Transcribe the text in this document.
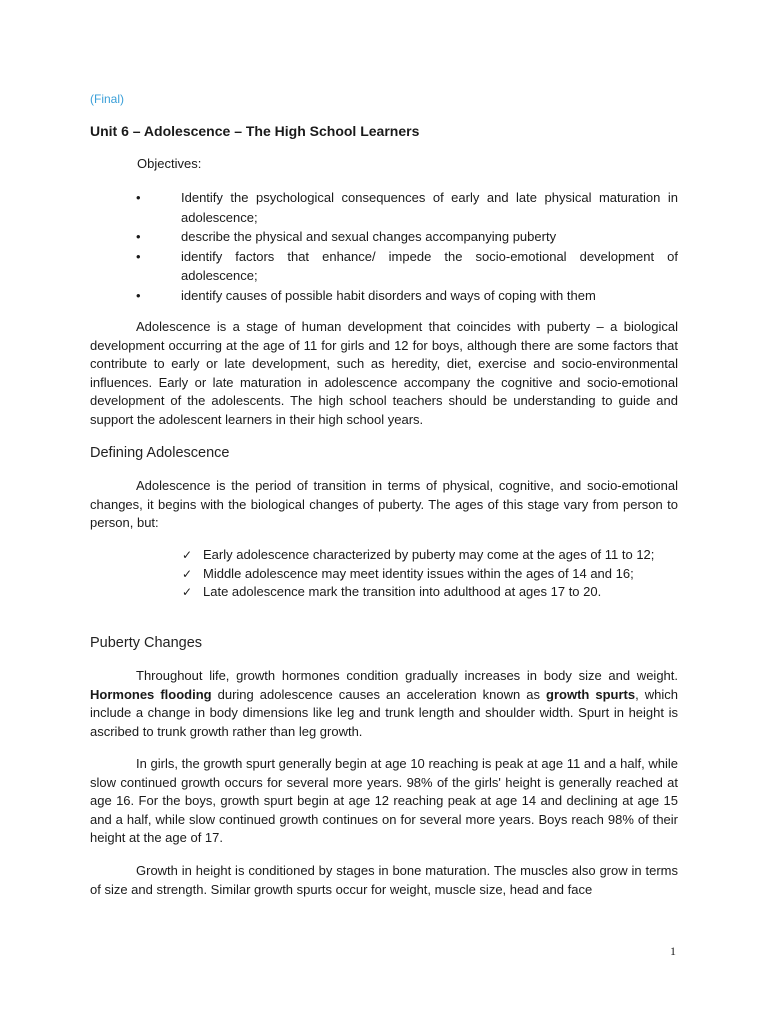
(Final)
Unit 6 – Adolescence – The High School Learners
Objectives:
•	Identify the psychological consequences of early and late physical maturation in adolescence;
•	describe the physical and sexual changes accompanying puberty
•	identify factors that enhance/ impede the socio-emotional development of adolescence;
•	identify causes of possible habit disorders and ways of coping with them

Adolescence is a stage of human development that coincides with puberty – a biological development occurring at the age of 11 for girls and 12 for boys, although there are some factors that contribute to early or late development, such as heredity, diet, exercise and socio-environmental influences. Early or late maturation in adolescence accompany the cognitive and socio-emotional development of the adolescents. The high school teachers should be understanding to guide and support the adolescent learners in their high school years.

Defining Adolescence

Adolescence is the period of transition in terms of physical, cognitive, and socio-emotional changes, it begins with the biological changes of puberty. The ages of this stage vary from person to person, but:

✓ Early adolescence characterized by puberty may come at the ages of 11 to 12;
✓ Middle adolescence may meet identity issues within the ages of 14 and 16;
✓ Late adolescence mark the transition into adulthood at ages 17 to 20.
Puberty Changes

Throughout life, growth hormones condition gradually increases in body size and weight. Hormones flooding during adolescence causes an acceleration known as growth spurts, which include a change in body dimensions like leg and trunk length and shoulder width. Spurt in height is ascribed to trunk growth rather than leg growth.

In girls, the growth spurt generally begin at age 10 reaching is peak at age 11 and a half, while slow continued growth occurs for several more years. 98% of the girls' height is generally reached at age 16. For the boys, growth spurt begin at age 12 reaching peak at age 14 and declining at age 15 and a half, while slow continued growth continues on for several more years. Boys reach 98% of their height at the age of 17.

Growth in height is conditioned by stages in bone maturation. The muscles also grow in terms of size and strength. Similar growth spurts occur for weight, muscle size, head and face

1
